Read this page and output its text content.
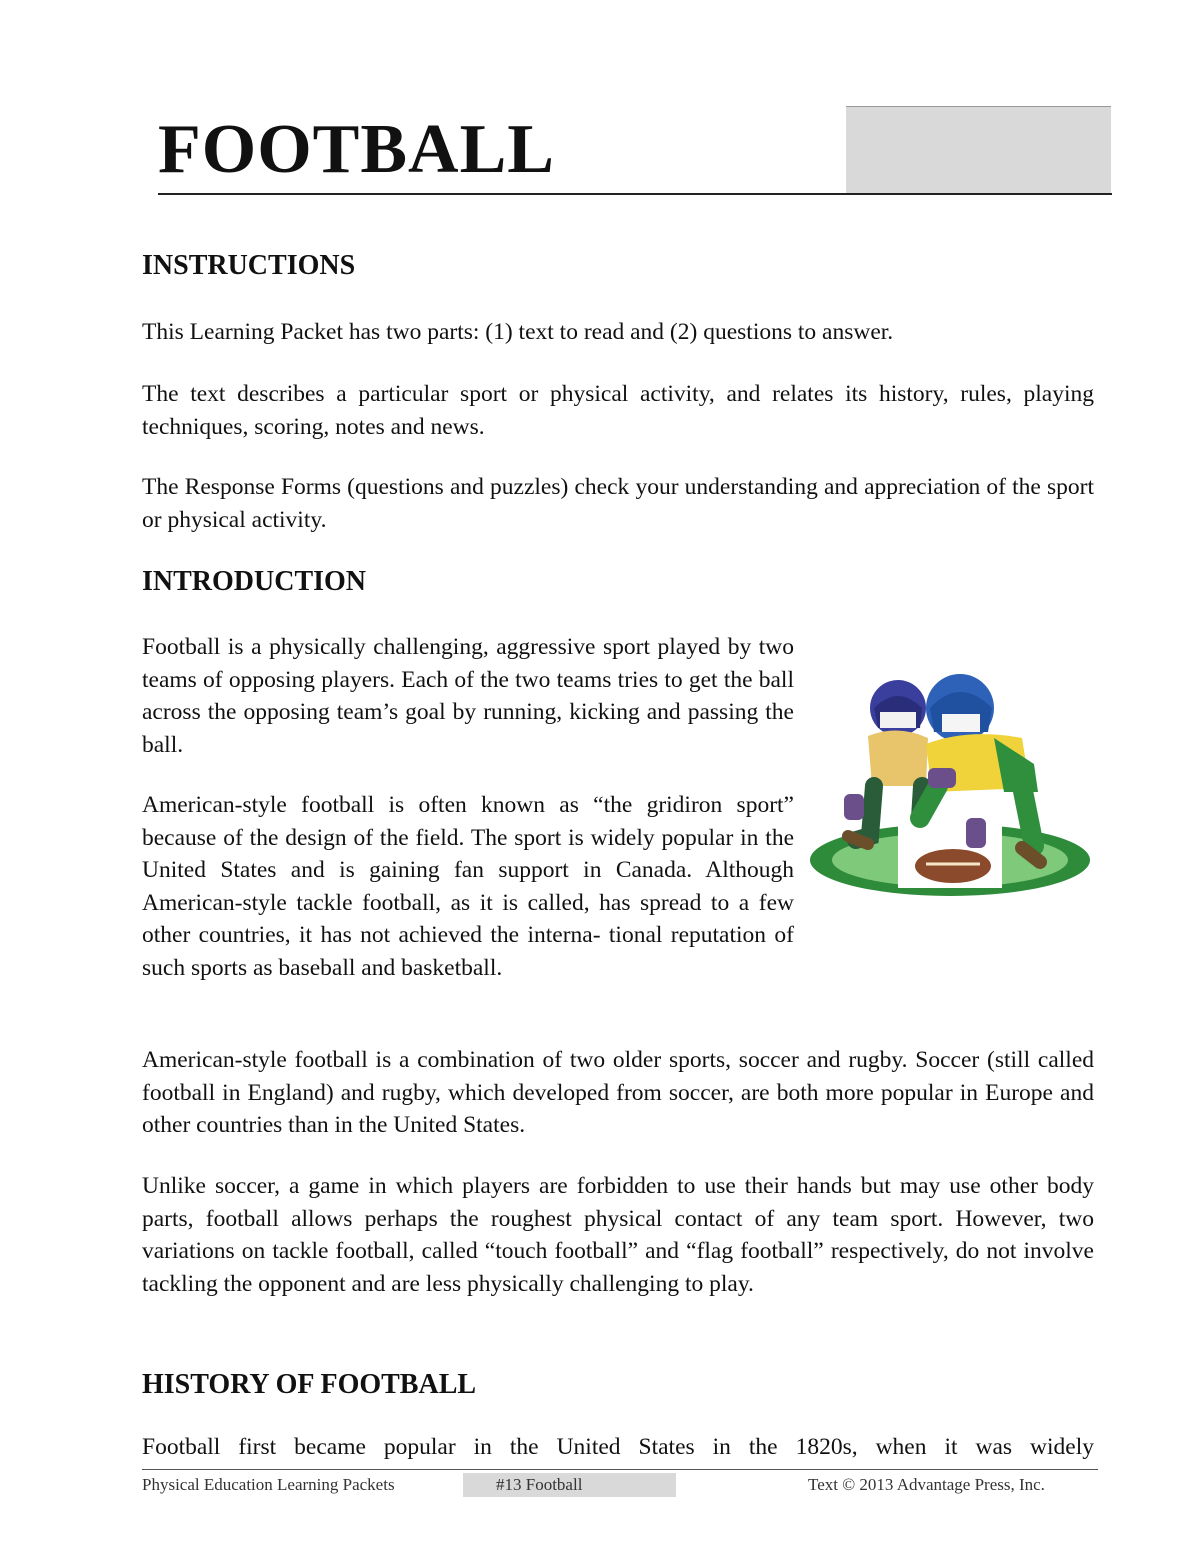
FOOTBALL
INSTRUCTIONS

This Learning Packet has two parts: (1) text to read and (2) questions to answer.

The text describes a particular sport or physical activity, and relates its history, rules, playing techniques, scoring, notes and news.

The Response Forms (questions and puzzles) check your understanding and appreciation of the sport or physical activity.

INTRODUCTION

Football is a physically challenging, aggressive sport played by two teams of opposing players. Each of the two teams tries to get the ball across the opposing team’s goal by running, kicking and passing the ball.

American-style football is often known as “the gridiron sport” because of the design of the field. The sport is widely popular in the United States and is gaining fan support in Canada. Although American-style tackle football, as it is called, has spread to a few other countries, it has not achieved the interna- tional reputation of such sports as baseball and basketball.

American-style football is a combination of two older sports, soccer and rugby. Soccer (still called football in England) and rugby, which developed from soccer, are both more popular in Europe and other countries than in the United States.

Unlike soccer, a game in which players are forbidden to use their hands but may use other body parts, football allows perhaps the roughest physical contact of any team sport. However, two variations on tackle football, called “touch football” and “flag football” respectively, do not involve tackling the opponent and are less physically challenging to play.

HISTORY OF FOOTBALL

Football first became popular in the United States in the 1820s, when it was widely

Physical Education Learning Packets	#13 Football	Text © 2013 Advantage Press, Inc.
